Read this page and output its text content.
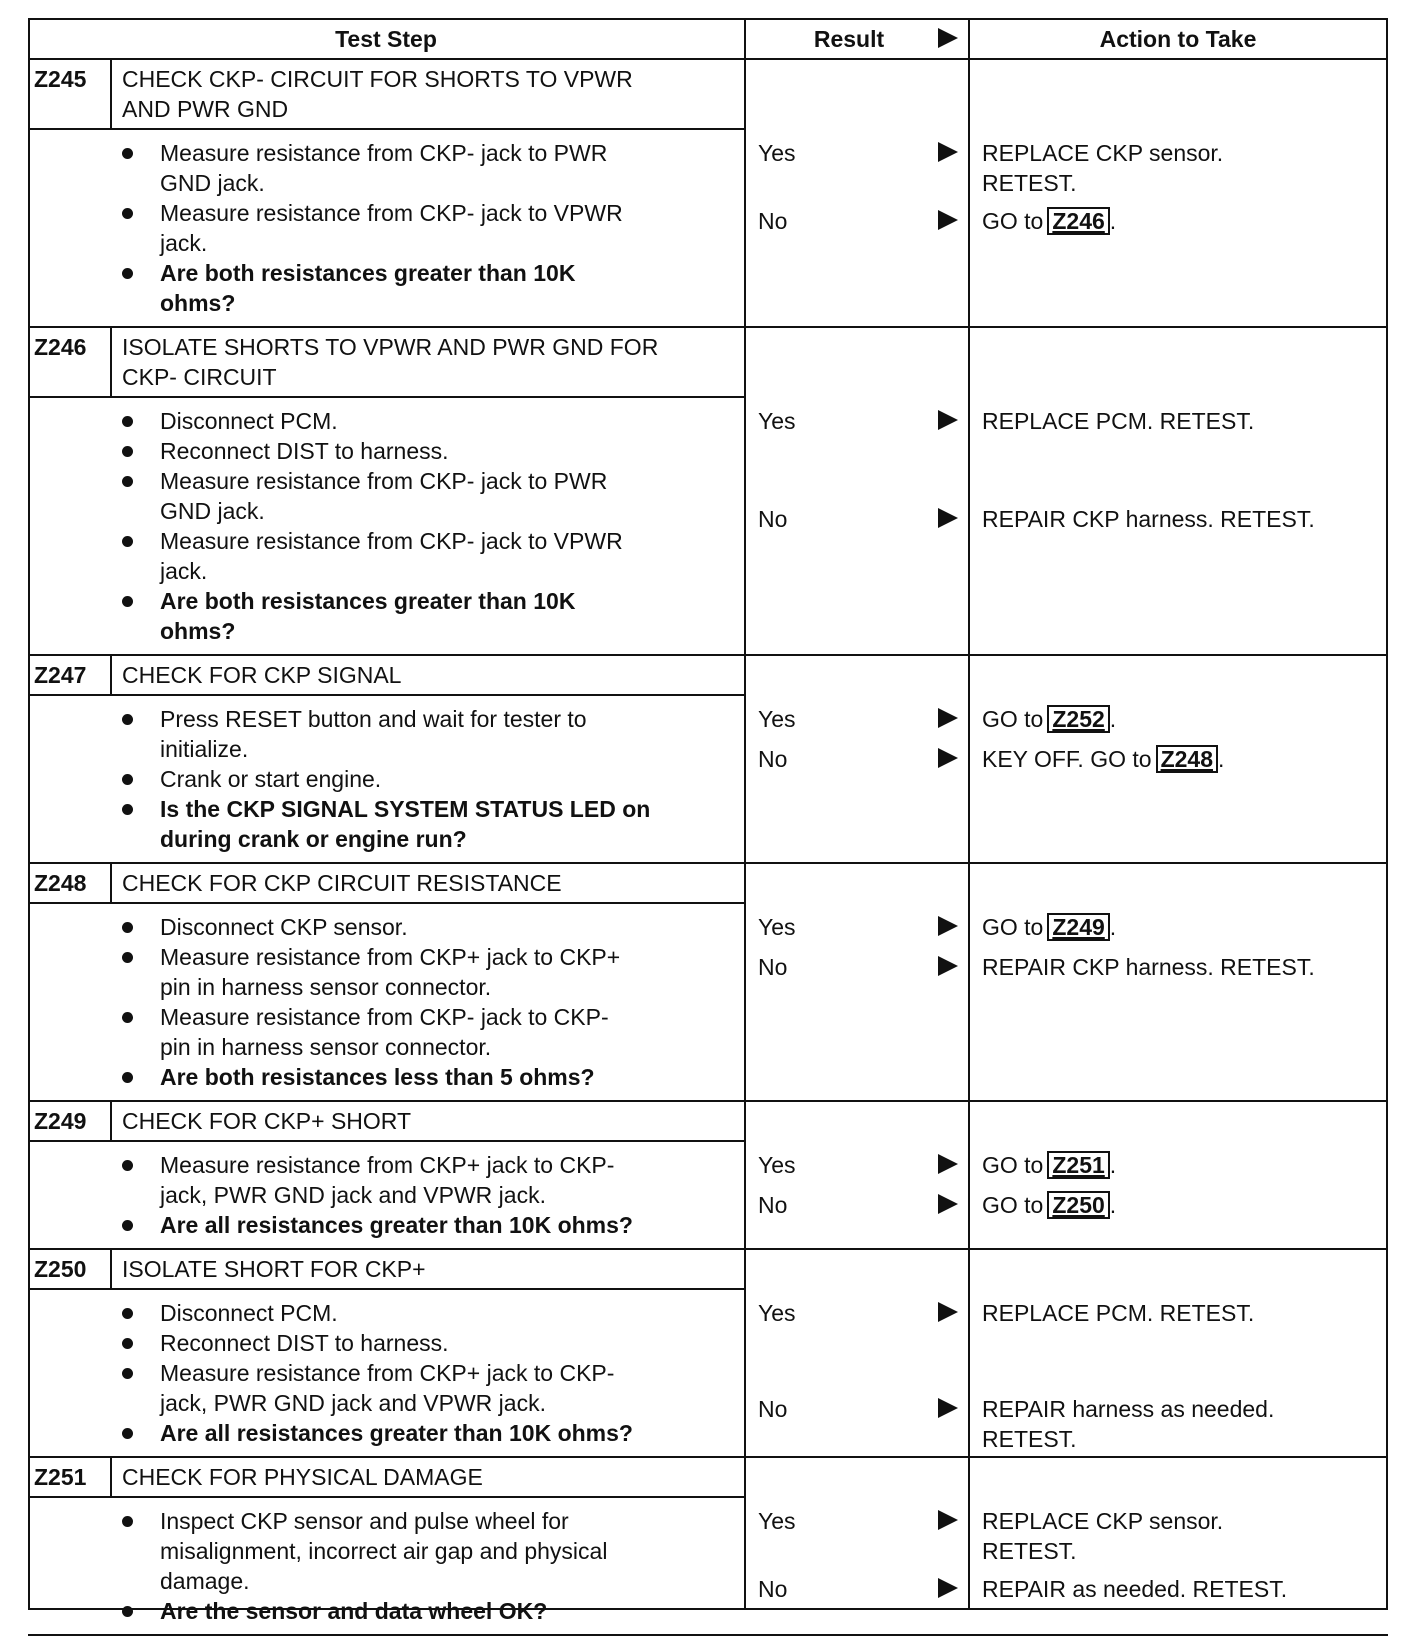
Test Step	Result	Action to Take
Z245 CHECK CKP- CIRCUIT FOR SHORTS TO VPWR
AND PWR GND
Measure resistance from CKP- jack to PWR
GND jack.
Measure resistance from CKP- jack to VPWR
jack.
Are both resistances greater than 10K
ohms?
Yes	REPLACE CKP sensor.
RETEST.
No	GO to Z246 .
Z246 ISOLATE SHORTS TO VPWR AND PWR GND FOR
CKP- CIRCUIT
Disconnect PCM.
Reconnect DIST to harness.
Measure resistance from CKP- jack to PWR
GND jack.
Measure resistance from CKP- jack to VPWR
jack.
Are both resistances greater than 10K
ohms?
Yes	REPLACE PCM. RETEST.
No	REPAIR CKP harness. RETEST.
Z247 CHECK FOR CKP SIGNAL
Press RESET button and wait for tester to
initialize.
Crank or start engine.
Is the CKP SIGNAL SYSTEM STATUS LED on
during crank or engine run?
Yes	GO to Z252 .
No	KEY OFF. GO to Z248 .
Z248 CHECK FOR CKP CIRCUIT RESISTANCE
Disconnect CKP sensor.
Measure resistance from CKP+ jack to CKP+
pin in harness sensor connector.
Measure resistance from CKP- jack to CKP-
pin in harness sensor connector.
Are both resistances less than 5 ohms?
Yes	GO to Z249 .
No	REPAIR CKP harness. RETEST.
Z249 CHECK FOR CKP+ SHORT
Measure resistance from CKP+ jack to CKP-
jack, PWR GND jack and VPWR jack.
Are all resistances greater than 10K ohms?
Yes	GO to Z251 .
No	GO to Z250 .
Z250 ISOLATE SHORT FOR CKP+
Disconnect PCM.
Reconnect DIST to harness.
Measure resistance from CKP+ jack to CKP-
jack, PWR GND jack and VPWR jack.
Are all resistances greater than 10K ohms?
Yes	REPLACE PCM. RETEST.
No	REPAIR harness as needed.
RETEST.
Z251 CHECK FOR PHYSICAL DAMAGE
Inspect CKP sensor and pulse wheel for
misalignment, incorrect air gap and physical
damage.
Are the sensor and data wheel OK?
Yes	REPLACE CKP sensor.
RETEST.
No	REPAIR as needed. RETEST.
